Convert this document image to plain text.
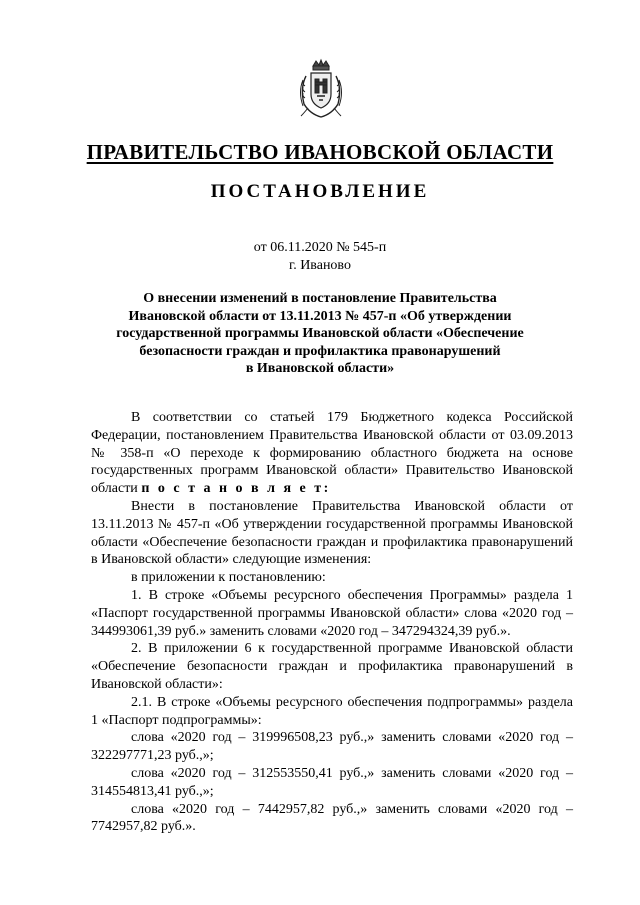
ПРАВИТЕЛЬСТВО ИВАНОВСКОЙ ОБЛАСТИ
ПОСТАНОВЛЕНИЕ
от 06.11.2020 № 545-п
г. Иваново
О внесении изменений в постановление Правительства
Ивановской области от 13.11.2013 № 457-п «Об утверждении
государственной программы Ивановской области «Обеспечение
безопасности граждан и профилактика правонарушений
в Ивановской области»

В соответствии со статьей 179 Бюджетного кодекса Российской Федерации, постановлением Правительства Ивановской области от 03.09.2013 № 358-п «О переходе к формированию областного бюджета на основе государственных программ Ивановской области» Правительство Ивановской области п о с т а н о в л я е т:

Внести в постановление Правительства Ивановской области от 13.11.2013 № 457-п «Об утверждении государственной программы Ивановской области «Обеспечение безопасности граждан и профилактика правонарушений в Ивановской области» следующие изменения:

в приложении к постановлению:

1. В строке «Объемы ресурсного обеспечения Программы» раздела 1 «Паспорт государственной программы Ивановской области» слова «2020 год – 344993061,39 руб.» заменить словами «2020 год – 347294324,39 руб.».

2. В приложении 6 к государственной программе Ивановской области «Обеспечение безопасности граждан и профилактика правонарушений в Ивановской области»:

2.1. В строке «Объемы ресурсного обеспечения подпрограммы» раздела 1 «Паспорт подпрограммы»:

слова «2020 год – 319996508,23 руб.,» заменить словами «2020 год – 322297771,23 руб.,»;

слова «2020 год – 312553550,41 руб.,» заменить словами «2020 год – 314554813,41 руб.,»;

слова «2020 год – 7442957,82 руб.,» заменить словами «2020 год – 7742957,82 руб.».
